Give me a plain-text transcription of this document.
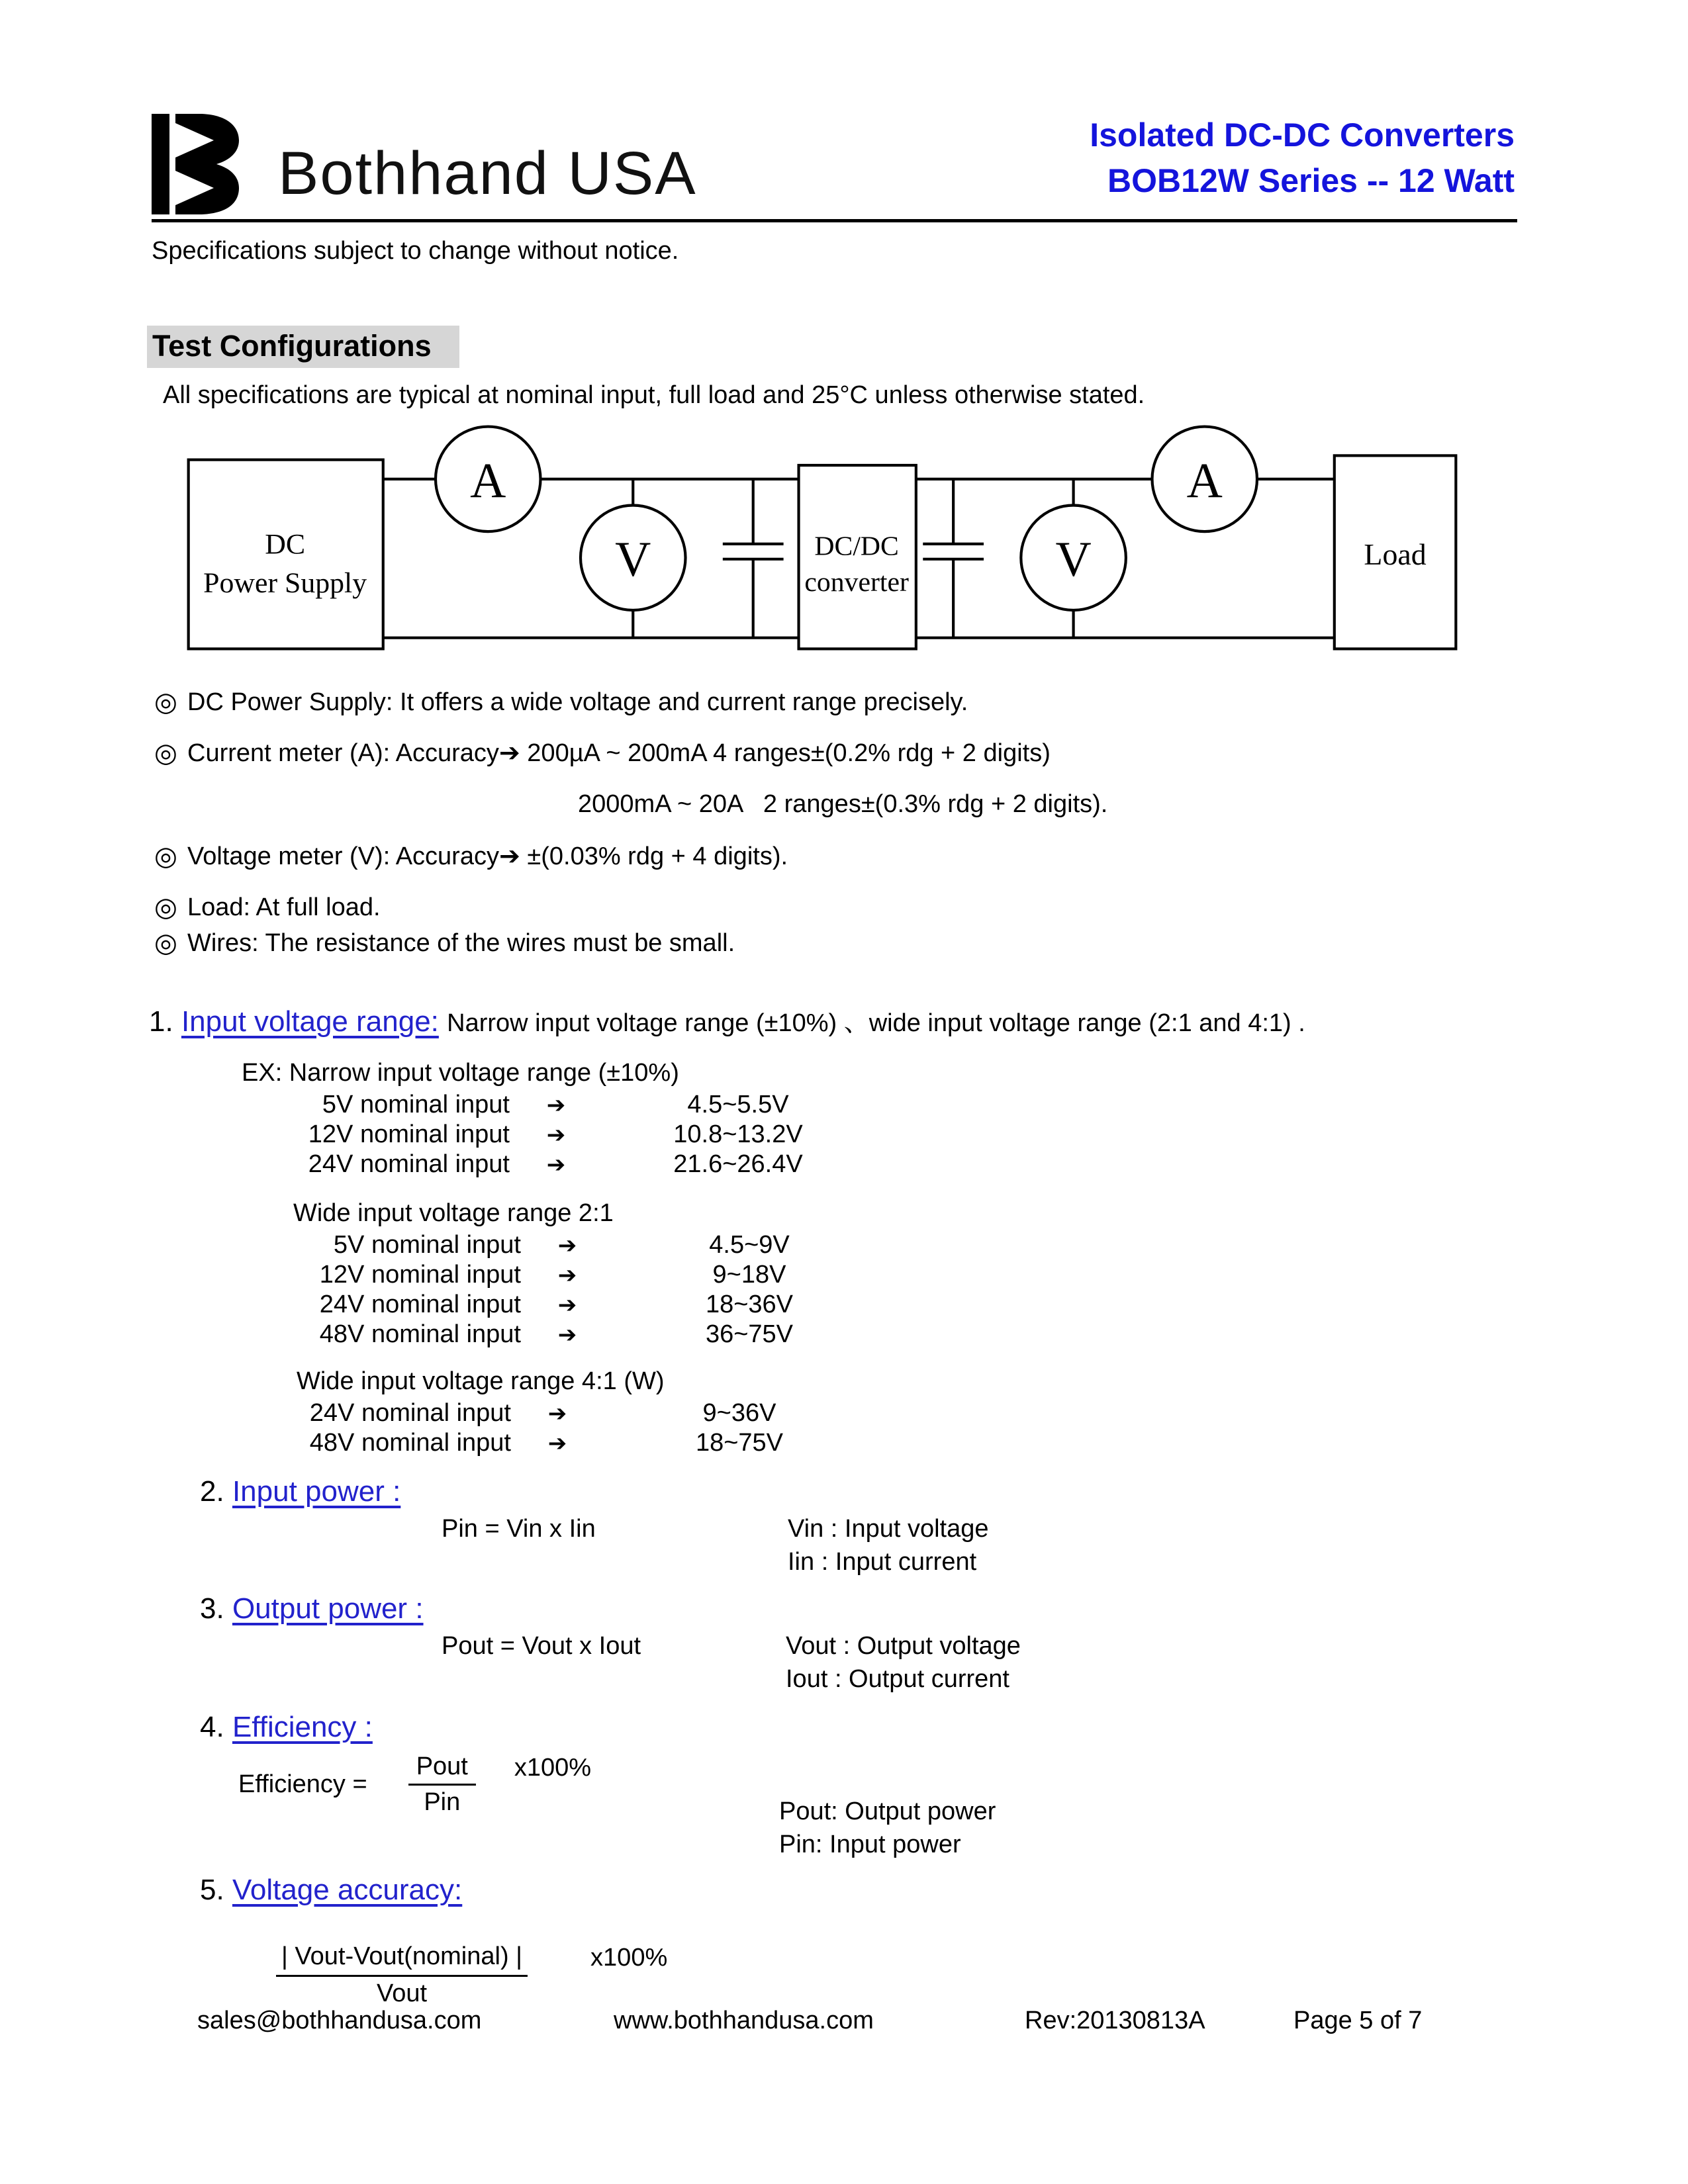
Bothhand USA
Isolated DC-DC Converters
BOB12W Series -- 12 Watt
Specifications subject to change without notice.
Test Configurations
All specifications are typical at nominal input, full load and 25°C unless otherwise stated.
DC
Power Supply
A
V	DC/DC
converter	V
A
Load
◎ DC Power Supply: It offers a wide voltage and current range precisely.
◎ Current meter (A): Accuracy➔ 200µA ~ 200mA 4 ranges±(0.2% rdg + 2 digits)
2000mA ~ 20A   2 ranges±(0.3% rdg + 2 digits).
◎ Voltage meter (V): Accuracy➔ ±(0.03% rdg + 4 digits).
◎ Load: At full load.
◎ Wires: The resistance of the wires must be small.
1. Input voltage range: Narrow input voltage range (±10%) 、wide input voltage range (2:1 and 4:1) .
EX: Narrow input voltage range (±10%)
5V nominal input	➔	4.5~5.5V
12V nominal input	➔	10.8~13.2V
24V nominal input	➔	21.6~26.4V
Wide input voltage range 2:1
5V nominal input	➔	4.5~9V
12V nominal input	➔	9~18V
24V nominal input	➔	18~36V
48V nominal input	➔	36~75V
Wide input voltage range 4:1 (W)
24V nominal input	➔	9~36V
48V nominal input	➔	18~75V
2. Input power :
Pin = Vin x Iin	Vin : Input voltage
Iin : Input current
3. Output power :
Pout = Vout x Iout	Vout : Output voltage
Iout : Output current
4. Efficiency :
Efficiency = $\frac{\text{Pout}}{\text{Pin}} x100\%$
Pout: Output power
Pin: Input power
5. Voltage accuracy:
$\frac{\text{| Vout-Vout(nominal) |}}{\text{Vout}}$	x100%
sales@bothhandusa.com	www.bothhandusa.com	Rev:20130813A	Page 5 of 7
